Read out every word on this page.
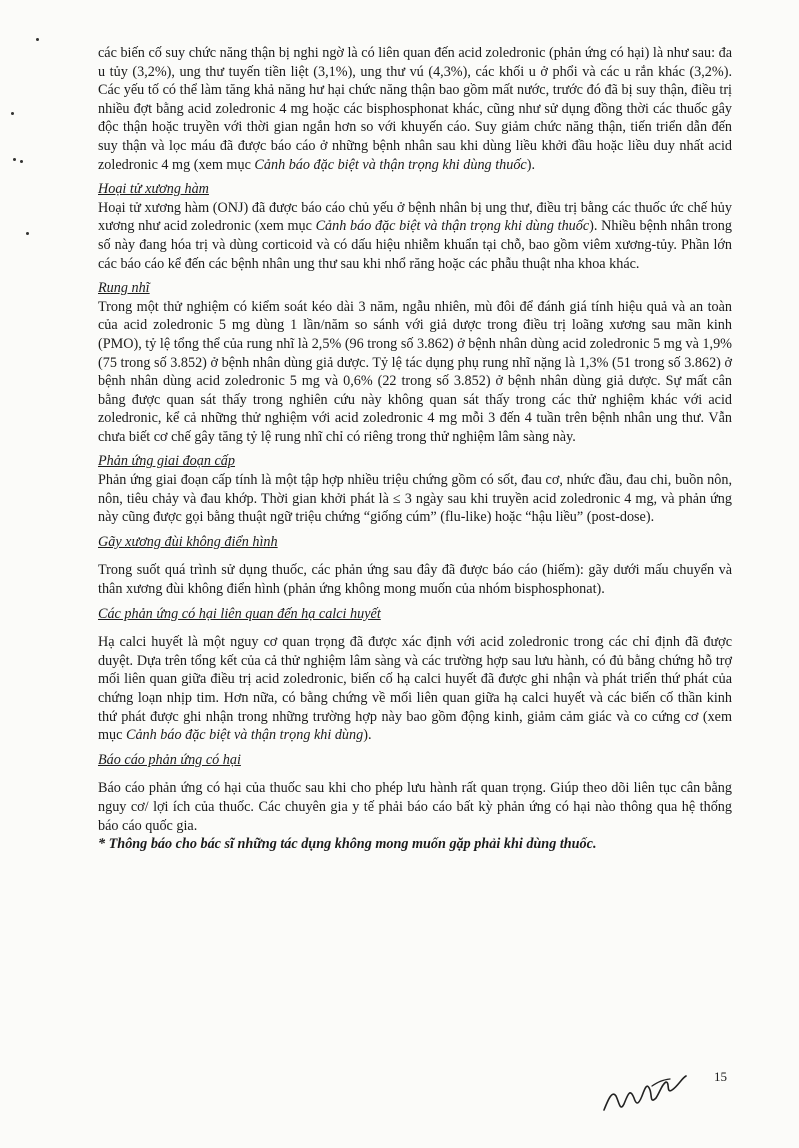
các biến cố suy chức năng thận bị nghi ngờ là có liên quan đến acid zoledronic (phản ứng có hại) là như sau: đa u tủy (3,2%), ung thư tuyến tiền liệt (3,1%), ung thư vú (4,3%), các khối u ở phổi và các u rắn khác (3,2%). Các yếu tố có thể làm tăng khả năng hư hại chức năng thận bao gồm mất nước, trước đó đã bị suy thận, điều trị nhiều đợt bằng acid zoledronic 4 mg hoặc các bisphosphonat khác, cũng như sử dụng đồng thời các thuốc gây độc thận hoặc truyền với thời gian ngắn hơn so với khuyến cáo. Suy giảm chức năng thận, tiến triển dẫn đến suy thận và lọc máu đã được báo cáo ở những bệnh nhân sau khi dùng liều khởi đầu hoặc liều duy nhất acid zoledronic 4 mg (xem mục Cảnh báo đặc biệt và thận trọng khi dùng thuốc).

Hoại tử xương hàm

Hoại tử xương hàm (ONJ) đã được báo cáo chủ yếu ở bệnh nhân bị ung thư, điều trị bằng các thuốc ức chế hủy xương như acid zoledronic (xem mục Cảnh báo đặc biệt và thận trọng khi dùng thuốc). Nhiều bệnh nhân trong số này đang hóa trị và dùng corticoid và có dấu hiệu nhiễm khuẩn tại chỗ, bao gồm viêm xương-tủy. Phần lớn các báo cáo kể đến các bệnh nhân ung thư sau khi nhổ răng hoặc các phẫu thuật nha khoa khác.

Rung nhĩ

Trong một thử nghiệm có kiểm soát kéo dài 3 năm, ngẫu nhiên, mù đôi để đánh giá tính hiệu quả và an toàn của acid zoledronic 5 mg dùng 1 lần/năm so sánh với giả dược trong điều trị loãng xương sau mãn kinh (PMO), tỷ lệ tổng thể của rung nhĩ là 2,5% (96 trong số 3.862) ở bệnh nhân dùng acid zoledronic 5 mg và 1,9% (75 trong số 3.852) ở bệnh nhân dùng giả dược. Tỷ lệ tác dụng phụ rung nhĩ nặng là 1,3% (51 trong số 3.862) ở bệnh nhân dùng acid zoledronic 5 mg và 0,6% (22 trong số 3.852) ở bệnh nhân dùng giả dược. Sự mất cân bằng được quan sát thấy trong nghiên cứu này không quan sát thấy trong các thử nghiệm khác với acid zoledronic, kể cả những thử nghiệm với acid zoledronic 4 mg mỗi 3 đến 4 tuần trên bệnh nhân ung thư. Vẫn chưa biết cơ chế gây tăng tỷ lệ rung nhĩ chỉ có riêng trong thử nghiệm lâm sàng này.

Phản ứng giai đoạn cấp

Phản ứng giai đoạn cấp tính là một tập hợp nhiều triệu chứng gồm có sốt, đau cơ, nhức đầu, đau chi, buồn nôn, nôn, tiêu chảy và đau khớp. Thời gian khởi phát là ≤ 3 ngày sau khi truyền acid zoledronic 4 mg, và phản ứng này cũng được gọi bằng thuật ngữ triệu chứng “giống cúm” (flu-like) hoặc “hậu liều” (post-dose).

Gãy xương đùi không điển hình

Trong suốt quá trình sử dụng thuốc, các phản ứng sau đây đã được báo cáo (hiếm): gãy dưới mấu chuyển và thân xương đùi không điển hình (phản ứng không mong muốn của nhóm bisphosphonat).

Các phản ứng có hại liên quan đến hạ calci huyết

Hạ calci huyết là một nguy cơ quan trọng đã được xác định với acid zoledronic trong các chỉ định đã được duyệt. Dựa trên tổng kết của cả thử nghiệm lâm sàng và các trường hợp sau lưu hành, có đủ bằng chứng hỗ trợ mối liên quan giữa điều trị acid zoledronic, biến cố hạ calci huyết đã được ghi nhận và phát triển thứ phát của chứng loạn nhịp tim. Hơn nữa, có bằng chứng về mối liên quan giữa hạ calci huyết và các biến cố thần kinh thứ phát được ghi nhận trong những trường hợp này bao gồm động kinh, giảm cảm giác và co cứng cơ (xem mục Cảnh báo đặc biệt và thận trọng khi dùng).

Báo cáo phản ứng có hại

Báo cáo phản ứng có hại của thuốc sau khi cho phép lưu hành rất quan trọng. Giúp theo dõi liên tục cân bằng nguy cơ/ lợi ích của thuốc. Các chuyên gia y tế phải báo cáo bất kỳ phản ứng có hại nào thông qua hệ thống báo cáo quốc gia.

* Thông báo cho bác sĩ những tác dụng không mong muốn gặp phải khi dùng thuốc.

15
